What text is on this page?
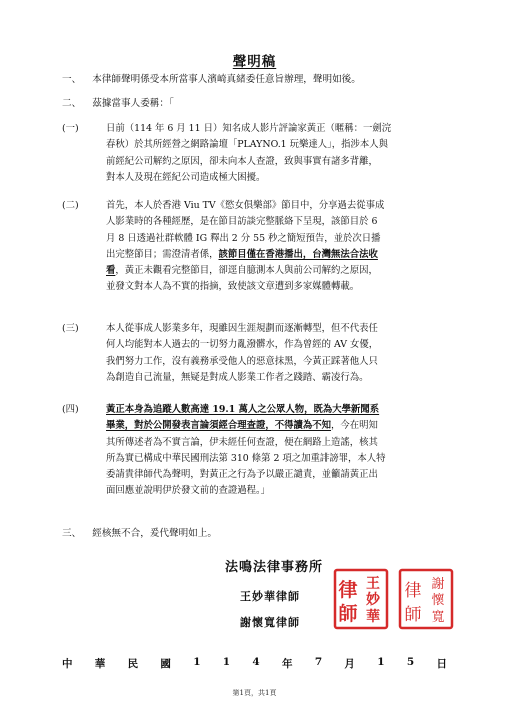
聲明稿
一、 本律師聲明係受本所當事人濱崎真緒委任意旨辦理，聲明如後。
二、 茲據當事人委稱：「
(一)	日前（114 年 6 月 11 日）知名成人影片評論家黃正（暱稱：一劍浣
春秋）於其所經營之網路論壇「PLAYNO.1 玩樂達人」，指涉本人與
前經紀公司解約之原因，卻未向本人查證，致與事實有諸多背離，
對本人及現在經紀公司造成極大困擾。
(二)	首先，本人於香港 Viu TV《慾女俱樂部》節目中，分享過去從事成
人影業時的各種經歷，是在節目訪談完整脈絡下呈現，該節目於 6
月 8 日透過社群軟體 IG 釋出 2 分 55 秒之簡短預告，並於次日播
出完整節目；需澄清者係，該節目僅在香港播出，台灣無法合法收
看，黃正未觀看完整節目，卻逕自臆測本人與前公司解約之原因，
並發文對本人為不實的指摘，致使該文章遭到多家媒體轉載。
(三)	本人從事成人影業多年，現雖因生涯規劃而逐漸轉型，但不代表任
何人均能對本人過去的一切努力亂潑髒水，作為曾經的 AV 女優，
我們努力工作，沒有義務承受他人的惡意抹黑，今黃正踩著他人只
為創造自己流量，無疑是對成人影業工作者之踐踏、霸凌行為。
(四)	黃正本身為追蹤人數高達 19.1 萬人之公眾人物，既為大學新聞系
畢業，對於公開發表言論須經合理查證，不得讀為不知，今在明知
其所傳述者為不實言論，伊未經任何查證，便在網路上造謠，核其
所為實已構成中華民國刑法第 310 條第 2 項之加重誹謗罪，本人特
委請貴律師代為聲明，對黃正之行為予以嚴正譴責，並籲請黃正出
面回應並說明伊於發文前的查證過程。」
三、 經核無不合，爰代聲明如上。
法鳴法律事務所
王妙華律師
謝懷寬律師
王
妙
華
律
師
謝
懷
寬
律
師
中 華 民 國 1 1 4 年 7 月 1 5 日
第1頁，共1頁
